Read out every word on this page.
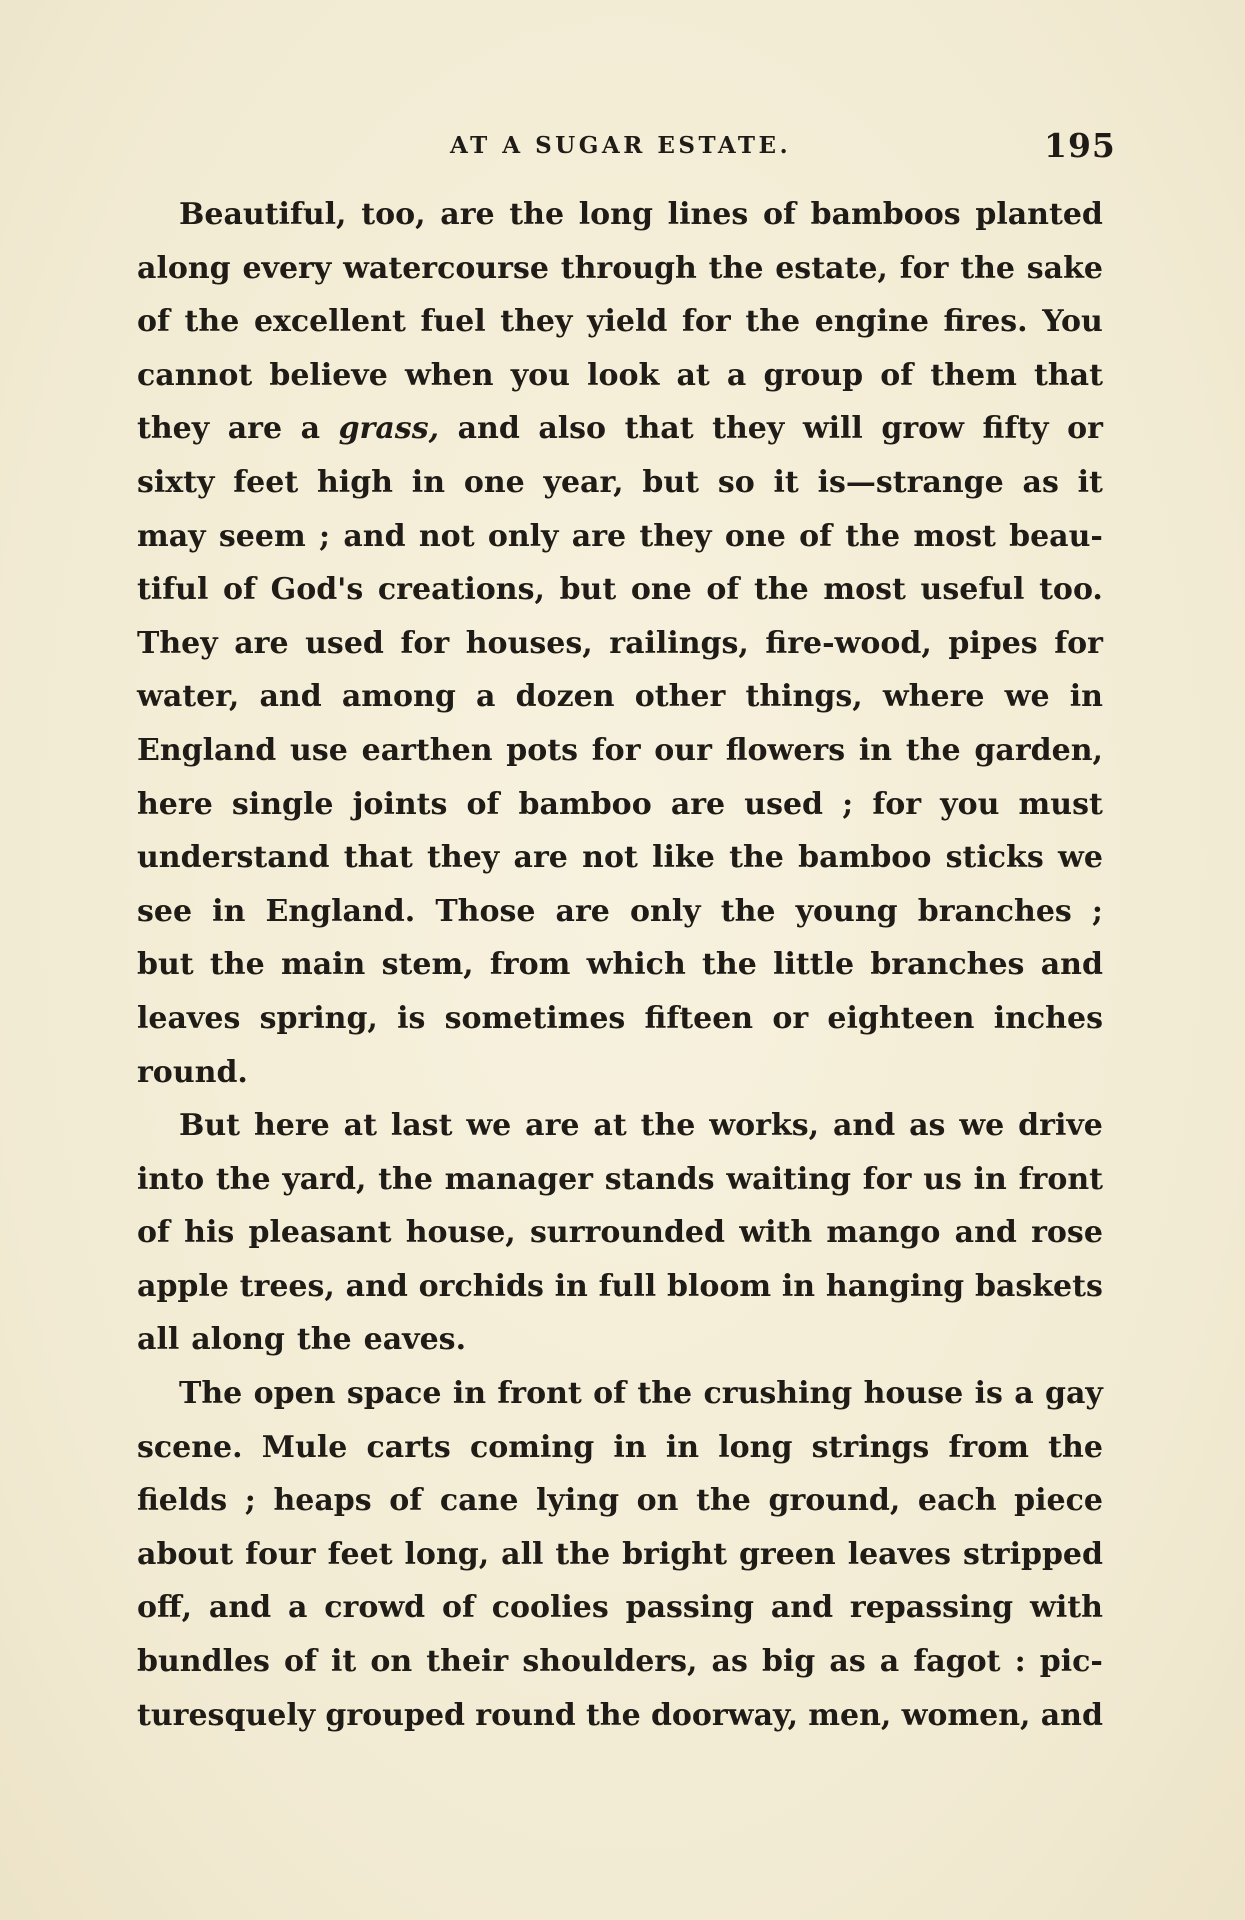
AT A SUGAR ESTATE.	195
Beautiful, too, are the long lines of bamboos planted
along every watercourse through the estate, for the sake
of the excellent fuel they yield for the engine fires. You
cannot believe when you look at a group of them that
they are a grass, and also that they will grow fifty or
sixty feet high in one year, but so it is—strange as it
may seem ; and not only are they one of the most beau-
tiful of God's creations, but one of the most useful too.
They are used for houses, railings, fire-wood, pipes for
water, and among a dozen other things, where we in
England use earthen pots for our flowers in the garden,
here single joints of bamboo are used ; for you must
understand that they are not like the bamboo sticks we
see in England. Those are only the young branches ;
but the main stem, from which the little branches and
leaves spring, is sometimes fifteen or eighteen inches
round.
But here at last we are at the works, and as we drive
into the yard, the manager stands waiting for us in front
of his pleasant house, surrounded with mango and rose
apple trees, and orchids in full bloom in hanging baskets
all along the eaves.
The open space in front of the crushing house is a gay
scene. Mule carts coming in in long strings from the
fields ; heaps of cane lying on the ground, each piece
about four feet long, all the bright green leaves stripped
off, and a crowd of coolies passing and repassing with
bundles of it on their shoulders, as big as a fagot : pic-
turesquely grouped round the doorway, men, women, and
